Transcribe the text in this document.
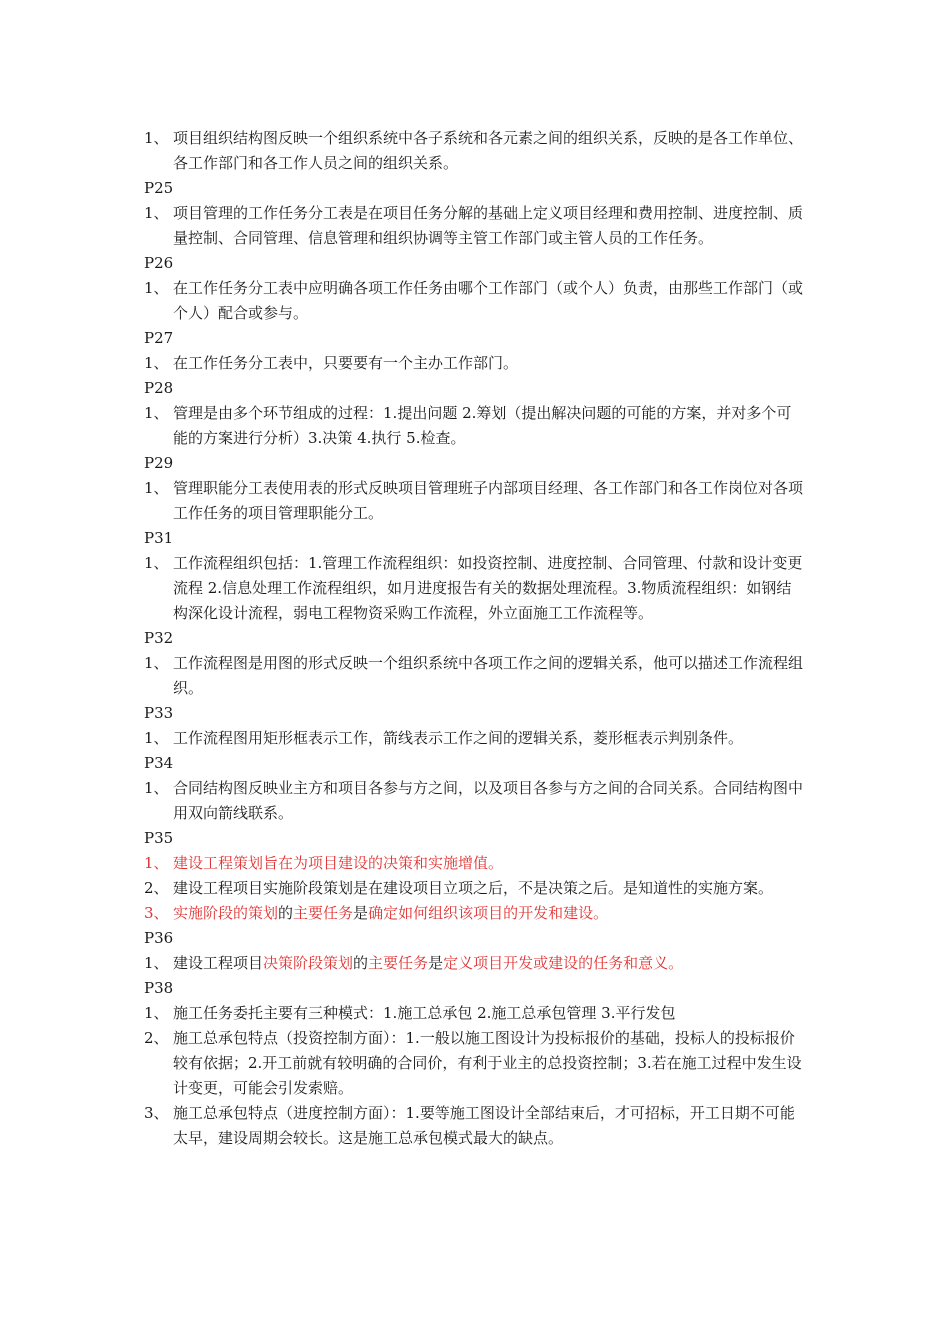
1、 项目组织结构图反映一个组织系统中各子系统和各元素之间的组织关系，反映的是各工作单位、各工作部门和各工作人员之间的组织关系。
P25
1、 项目管理的工作任务分工表是在项目任务分解的基础上定义项目经理和费用控制、进度控制、质量控制、合同管理、信息管理和组织协调等主管工作部门或主管人员的工作任务。
P26
1、 在工作任务分工表中应明确各项工作任务由哪个工作部门（或个人）负责，由那些工作部门（或个人）配合或参与。
P27
1、 在工作任务分工表中，只要要有一个主办工作部门。
P28
1、 管理是由多个环节组成的过程：1.提出问题 2.筹划（提出解决问题的可能的方案，并对多个可能的方案进行分析）3.决策 4.执行 5.检查。
P29
1、 管理职能分工表使用表的形式反映项目管理班子内部项目经理、各工作部门和各工作岗位对各项工作任务的项目管理职能分工。
P31
1、 工作流程组织包括：1.管理工作流程组织：如投资控制、进度控制、合同管理、付款和设计变更流程 2.信息处理工作流程组织，如月进度报告有关的数据处理流程。3.物质流程组织：如钢结构深化设计流程，弱电工程物资采购工作流程，外立面施工工作流程等。
P32
1、 工作流程图是用图的形式反映一个组织系统中各项工作之间的逻辑关系，他可以描述工作流程组织。
P33
1、 工作流程图用矩形框表示工作，箭线表示工作之间的逻辑关系，菱形框表示判别条件。
P34
1、 合同结构图反映业主方和项目各参与方之间，以及项目各参与方之间的合同关系。合同结构图中用双向箭线联系。
P35
1、 建设工程策划旨在为项目建设的决策和实施增值。
2、 建设工程项目实施阶段策划是在建设项目立项之后，不是决策之后。是知道性的实施方案。
3、 实施阶段的策划的主要任务是确定如何组织该项目的开发和建设。
P36
1、 建设工程项目决策阶段策划的主要任务是定义项目开发或建设的任务和意义。
P38
1、 施工任务委托主要有三种模式：1.施工总承包 2.施工总承包管理 3.平行发包
2、 施工总承包特点（投资控制方面）：1.一般以施工图设计为投标报价的基础，投标人的投标报价较有依据；2.开工前就有较明确的合同价，有利于业主的总投资控制；3.若在施工过程中发生设计变更，可能会引发索赔。
3、 施工总承包特点（进度控制方面）：1.要等施工图设计全部结束后，才可招标，开工日期不可能太早，建设周期会较长。这是施工总承包模式最大的缺点。
